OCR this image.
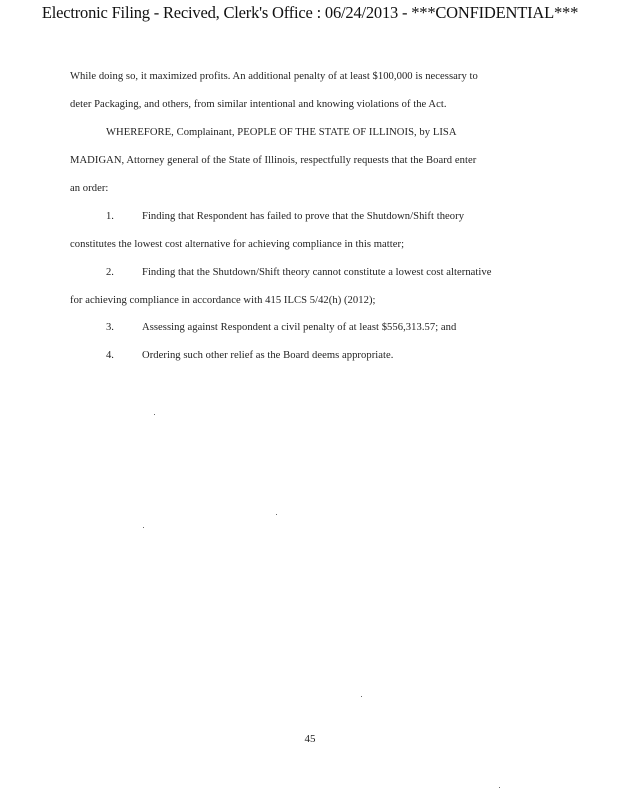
Electronic Filing - Recived, Clerk's Office : 06/24/2013 - ***CONFIDENTIAL***
While doing so, it maximized profits. An additional penalty of at least $100,000 is necessary to
deter Packaging, and others, from similar intentional and knowing violations of the Act.
WHEREFORE, Complainant, PEOPLE OF THE STATE OF ILLINOIS, by LISA
MADIGAN, Attorney general of the State of Illinois, respectfully requests that the Board enter
an order:
1.	Finding that Respondent has failed to prove that the Shutdown/Shift theory
constitutes the lowest cost alternative for achieving compliance in this matter;
2.	Finding that the Shutdown/Shift theory cannot constitute a lowest cost alternative
for achieving compliance in accordance with 415 ILCS 5/42(h) (2012);
3.	Assessing against Respondent a civil penalty of at least $556,313.57; and
4.	Ordering such other relief as the Board deems appropriate.
45
